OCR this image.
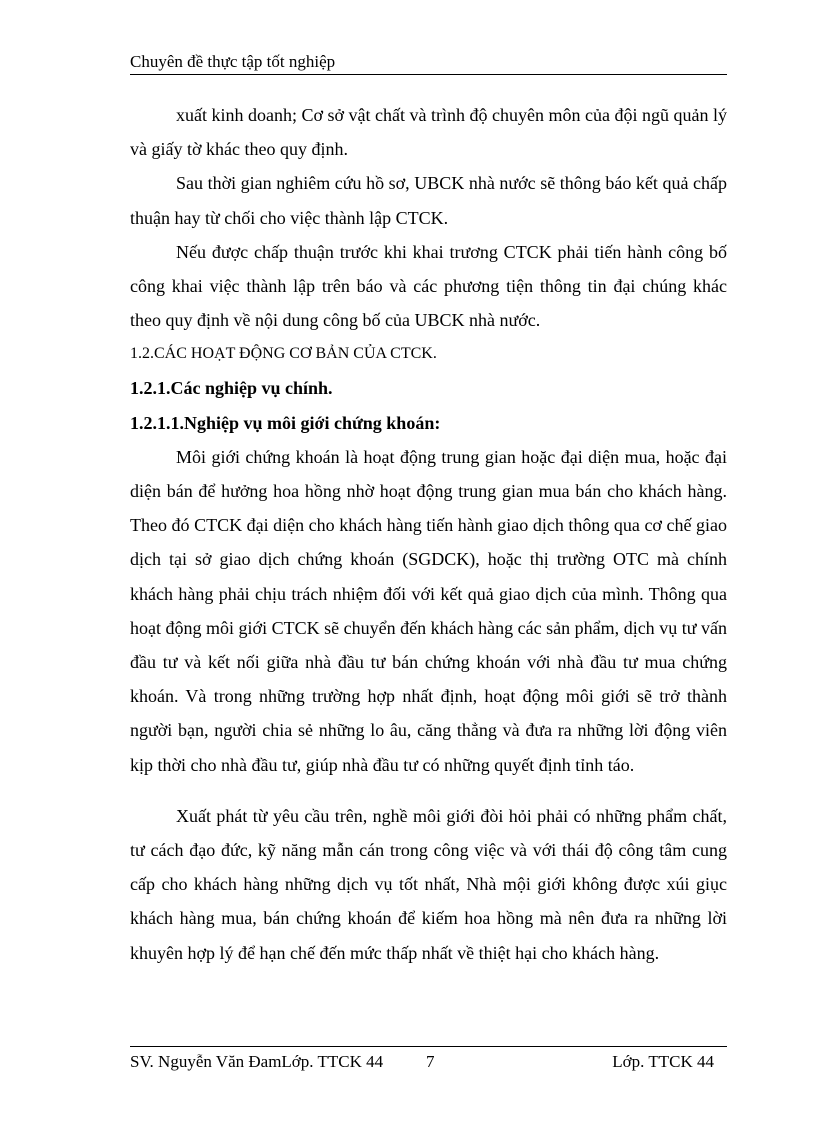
Chuyên đề thực tập tốt nghiệp

xuất kinh doanh; Cơ sở vật chất và trình độ chuyên môn của đội ngũ quản lý và giấy tờ khác theo quy định.

Sau thời gian nghiêm cứu hồ sơ, UBCK nhà nước sẽ thông báo kết quả chấp thuận hay từ chối cho việc thành lập CTCK.

Nếu được chấp thuận trước khi khai trương CTCK phải tiến hành công bố công khai việc thành lập trên báo và các phương tiện thông tin đại chúng khác theo quy định về nội dung công bố của UBCK nhà nước.

1.2.CÁC HOẠT ĐỘNG CƠ BẢN CỦA CTCK.

1.2.1.Các nghiệp vụ chính.

1.2.1.1.Nghiệp vụ môi giới chứng khoán:

Môi giới chứng khoán là hoạt động trung gian hoặc đại diện mua, hoặc đại diện bán để hưởng hoa hồng nhờ hoạt động trung gian mua bán cho khách hàng. Theo đó CTCK đại diện cho khách hàng tiến hành giao dịch thông qua cơ chế giao dịch tại sở giao dịch chứng khoán (SGDCK), hoặc thị trường OTC mà chính khách hàng phải chịu trách nhiệm đối với kết quả giao dịch của mình. Thông qua hoạt động môi giới CTCK sẽ chuyển đến khách hàng các sản phẩm, dịch vụ tư vấn đầu tư và kết nối giữa nhà đầu tư bán chứng khoán với nhà đầu tư mua chứng khoán. Và trong những trường hợp nhất định, hoạt động môi giới sẽ trở thành người bạn, người chia sẻ những lo âu, căng thẳng và đưa ra những lời động viên kịp thời cho nhà đầu tư, giúp nhà đầu tư có những quyết định tỉnh táo.

Xuất phát từ yêu cầu trên, nghề môi giới đòi hỏi phải có những phẩm chất, tư cách đạo đức, kỹ năng mẫn cán trong công việc và với thái độ công tâm cung cấp cho khách hàng những dịch vụ tốt nhất, Nhà mội giới không được xúi giục khách hàng mua, bán chứng khoán để kiếm hoa hồng mà nên đưa ra những lời khuyên hợp lý để hạn chế đến mức thấp nhất về thiệt hại cho khách hàng.

SV. Nguyễn Văn ĐamLớp. TTCK 44	7	Lớp. TTCK 44
